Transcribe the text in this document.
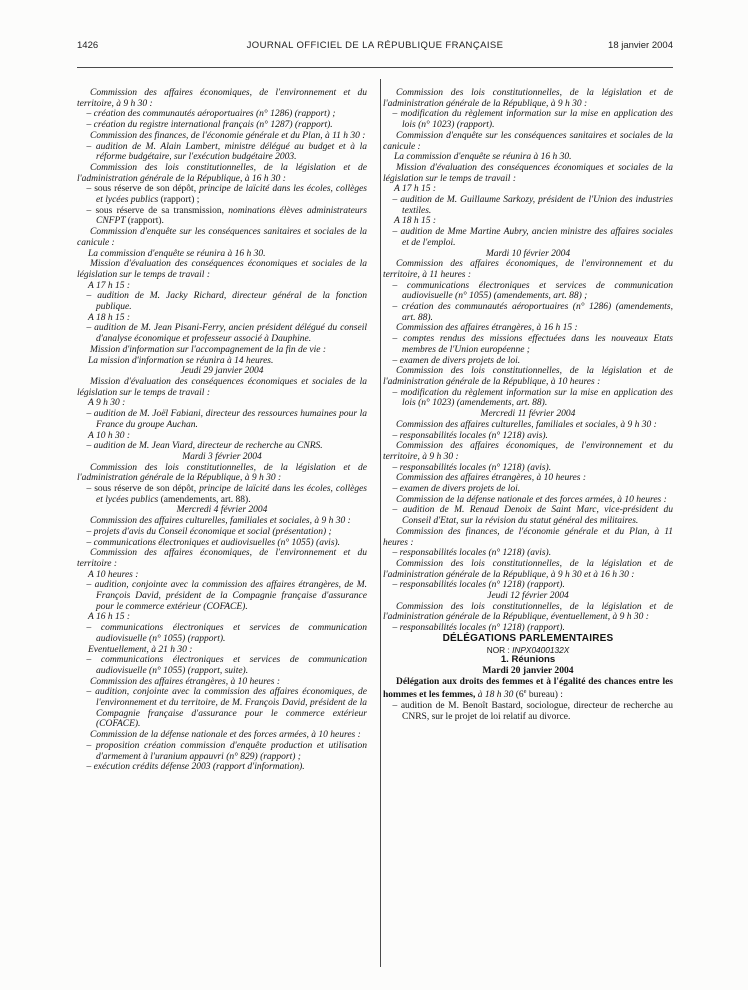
1426	JOURNAL OFFICIEL DE LA RÉPUBLIQUE FRANÇAISE	18 janvier 2004

Commission des affaires économiques, de l'environnement et du territoire, à 9 h 30 :

– création des communautés aéroportuaires (n° 1286) (rapport) ;

– création du registre international français (n° 1287) (rapport).

Commission des finances, de l'économie générale et du Plan, à 11 h 30 :

– audition de M. Alain Lambert, ministre délégué au budget et à la réforme budgétaire, sur l'exécution budgétaire 2003.

Commission des lois constitutionnelles, de la législation et de l'administration générale de la République, à 16 h 30 :

– sous réserve de son dépôt, principe de laïcité dans les écoles, collèges et lycées publics (rapport) ;

– sous réserve de sa transmission, nominations élèves administrateurs CNFPT (rapport).

Commission d'enquête sur les conséquences sanitaires et sociales de la canicule :

La commission d'enquête se réunira à 16 h 30.

Mission d'évaluation des conséquences économiques et sociales de la législation sur le temps de travail :

A 17 h 15 :

– audition de M. Jacky Richard, directeur général de la fonction publique.

A 18 h 15 :

– audition de M. Jean Pisani-Ferry, ancien président délégué du conseil d'analyse économique et professeur associé à Dauphine.

Mission d'information sur l'accompagnement de la fin de vie :

La mission d'information se réunira à 14 heures.

Jeudi 29 janvier 2004

Mission d'évaluation des conséquences économiques et sociales de la législation sur le temps de travail :

A 9 h 30 :

– audition de M. Joël Fabiani, directeur des ressources humaines pour la France du groupe Auchan.

A 10 h 30 :

– audition de M. Jean Viard, directeur de recherche au CNRS.

Mardi 3 février 2004

Commission des lois constitutionnelles, de la législation et de l'administration générale de la République, à 9 h 30 :

– sous réserve de son dépôt, principe de laïcité dans les écoles, collèges et lycées publics (amendements, art. 88).

Mercredi 4 février 2004

Commission des affaires culturelles, familiales et sociales, à 9 h 30 :

– projets d'avis du Conseil économique et social (présentation) ;

– communications électroniques et audiovisuelles (n° 1055) (avis).

Commission des affaires économiques, de l'environnement et du territoire :

A 10 heures :

– audition, conjointe avec la commission des affaires étrangères, de M. François David, président de la Compagnie française d'assurance pour le commerce extérieur (COFACE).

A 16 h 15 :

– communications électroniques et services de communication audiovisuelle (n° 1055) (rapport).

Eventuellement, à 21 h 30 :

– communications électroniques et services de communication audiovisuelle (n° 1055) (rapport, suite).

Commission des affaires étrangères, à 10 heures :

– audition, conjointe avec la commission des affaires économiques, de l'environnement et du territoire, de M. François David, président de la Compagnie française d'assurance pour le commerce extérieur (COFACE).

Commission de la défense nationale et des forces armées, à 10 heures :

– proposition création commission d'enquête production et utilisation d'armement à l'uranium appauvri (n° 829) (rapport) ;

– exécution crédits défense 2003 (rapport d'information).

Commission des lois constitutionnelles, de la législation et de l'administration générale de la République, à 9 h 30 :

– modification du règlement information sur la mise en application des lois (n° 1023) (rapport).

Commission d'enquête sur les conséquences sanitaires et sociales de la canicule :

La commission d'enquête se réunira à 16 h 30.

Mission d'évaluation des conséquences économiques et sociales de la législation sur le temps de travail :

A 17 h 15 :

– audition de M. Guillaume Sarkozy, président de l'Union des industries textiles.

A 18 h 15 :

– audition de Mme Martine Aubry, ancien ministre des affaires sociales et de l'emploi.

Mardi 10 février 2004

Commission des affaires économiques, de l'environnement et du territoire, à 11 heures :

– communications électroniques et services de communication audiovisuelle (n° 1055) (amendements, art. 88) ;

– création des communautés aéroportuaires (n° 1286) (amendements, art. 88).

Commission des affaires étrangères, à 16 h 15 :

– comptes rendus des missions effectuées dans les nouveaux Etats membres de l'Union européenne ;

– examen de divers projets de loi.

Commission des lois constitutionnelles, de la législation et de l'administration générale de la République, à 10 heures :

– modification du règlement information sur la mise en application des lois (n° 1023) (amendements, art. 88).

Mercredi 11 février 2004

Commission des affaires culturelles, familiales et sociales, à 9 h 30 :

– responsabilités locales (n° 1218) avis).

Commission des affaires économiques, de l'environnement et du territoire, à 9 h 30 :

– responsabilités locales (n° 1218) (avis).

Commission des affaires étrangères, à 10 heures :

– examen de divers projets de loi.

Commission de la défense nationale et des forces armées, à 10 heures :

– audition de M. Renaud Denoix de Saint Marc, vice-président du Conseil d'Etat, sur la révision du statut général des militaires.

Commission des finances, de l'économie générale et du Plan, à 11 heures :

– responsabilités locales (n° 1218) (avis).

Commission des lois constitutionnelles, de la législation et de l'administration générale de la République, à 9 h 30 et à 16 h 30 :

– responsabilités locales (n° 1218) (rapport).

Jeudi 12 février 2004

Commission des lois constitutionnelles, de la législation et de l'administration générale de la République, éventuellement, à 9 h 30 :

– responsabilités locales (n° 1218) (rapport).

DÉLÉGATIONS PARLEMENTAIRES

NOR : INPX0400132X

1. Réunions

Mardi 20 janvier 2004

Délégation aux droits des femmes et à l'égalité des chances entre les hommes et les femmes, à 18 h 30 (6e bureau) :

– audition de M. Benoît Bastard, sociologue, directeur de recherche au CNRS, sur le projet de loi relatif au divorce.
